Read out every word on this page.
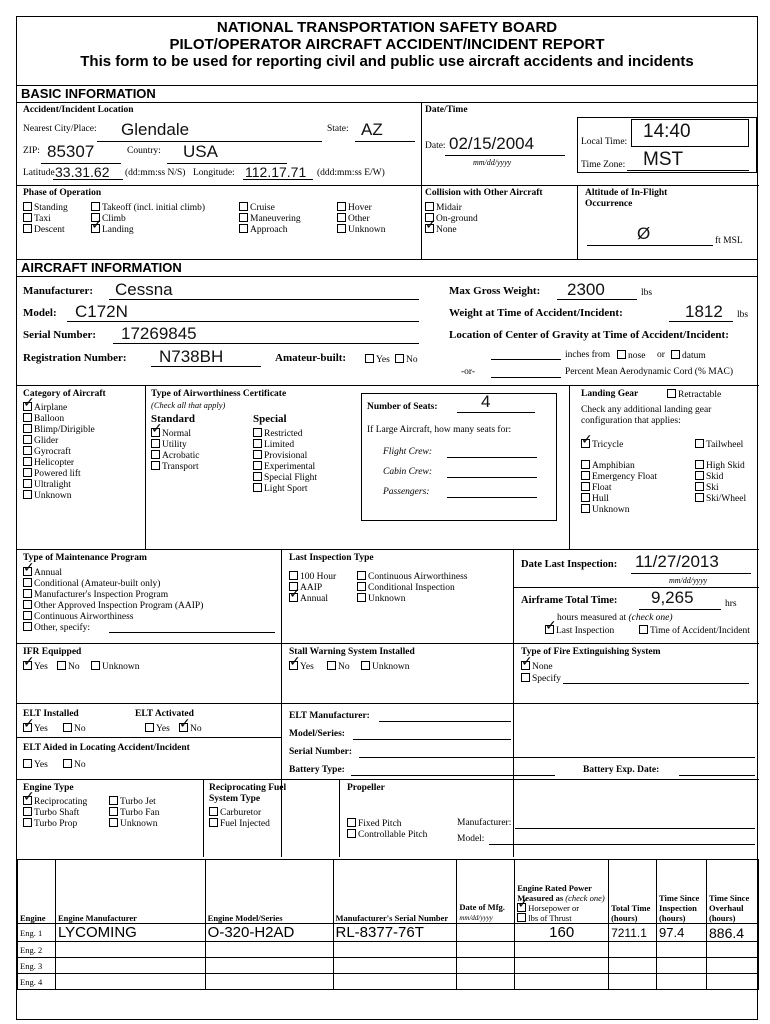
NATIONAL TRANSPORTATION SAFETY BOARD
PILOT/OPERATOR AIRCRAFT ACCIDENT/INCIDENT REPORT
This form to be used for reporting civil and public use aircraft accidents and incidents
BASIC INFORMATION
Accident/Incident Location
Nearest City/Place: Glendale	State: AZ
ZIP: 85307	Country: USA
Latitude 33.31.62 (dd:mm:ss N/S) Longitude: 112.17.71 (ddd:mm:ss E/W)
Date/Time
Date: 02/15/2004
mm/dd/yyyy
Local Time: 14:40
Time Zone: MST
Phase of Operation
Standing	Takeoff (incl. initial climb)	Cruise	Hover
Taxi	Climb	Maneuvering	Other
Descent ✓	Landing	Approach	Unknown
Collision with Other Aircraft
Midair
On-ground
✓None
Altitude of In-Flight
Occurrence
Ø	ft MSL
AIRCRAFT INFORMATION
Manufacturer: Cessna
Model: C172N
Serial Number: 17269845
Registration Number: N738BH	Amateur-built:	Yes	No
Max Gross Weight: 2300	lbs
Weight at Time of Accident/Incident:	1812 lbs
Location of Center of Gravity at Time of Accident/Incident:
inches from	nose or	datum
-or-	Percent Mean Aerodynamic Cord (% MAC)
Category of Aircraft
✓Airplane
Balloon
Blimp/Dirigible
Glider
Gyrocraft
Helicopter
Powered lift
Ultralight
Unknown
Type of Airworthiness Certificate
(Check all that apply)
Standard	Special
✓Normal
Utility
Acrobatic
Transport
Restricted
Limited
Provisional
Experimental
Special Flight
Light Sport
Number of Seats:	4
If Large Aircraft, how many seats for:
Flight Crew:
Cabin Crew:
Passengers:
Landing Gear	Retractable
Check any additional landing gear
configuration that applies:
✓Tricycle	Tailwheel
Amphibian	High Skid
Emergency Float	Skid
Float	Ski
Hull	Ski/Wheel
Unknown
Type of Maintenance Program
✓Annual
Conditional (Amateur-built only)
Manufacturer's Inspection Program
Other Approved Inspection Program (AAIP)
Continuous Airworthiness
Other, specify:
Last Inspection Type
100 Hour	Continuous Airworthiness
AAIP	Conditional Inspection
✓Annual	Unknown
Date Last Inspection: 11/27/2013
mm/dd/yyyy
Airframe Total Time: 9,265	hrs
hours measured at (check one)
✓Last Inspection	Time of Accident/Incident
IFR Equipped
✓Yes	No	Unknown
Stall Warning System Installed
✓Yes	No	Unknown
Type of Fire Extinguishing System
✓None
Specify
ELT Installed
✓Yes	No
ELT Activated
Yes ✓	No
ELT Aided in Locating Accident/Incident
Yes	No
ELT Manufacturer:
Model/Series:
Serial Number:
Battery Type:	Battery Exp. Date:
Engine Type
✓Reciprocating	Turbo Jet
Turbo Shaft	Turbo Fan
Turbo Prop	Unknown
Reciprocating Fuel
System Type
Carburetor
Fuel Injected
Propeller
Fixed Pitch
Controllable Pitch
Manufacturer:
Model:
Engine	Engine Manufacturer	Engine Model/Series	Manufacturer's Serial Number	Date of Mfg.
mm/dd/yyyy	Engine Rated Power Measured as (check one)
✓Horsepower or
lbs of Thrust	Total Time (hours)	Time Since Inspection (hours)	Time Since Overhaul (hours)
Eng. 1	LYCOMING	O-320-H2AD	RL-8377-76T		160	7211.1	97.4	886.4
Eng. 2								
Eng. 3								
Eng. 4								
